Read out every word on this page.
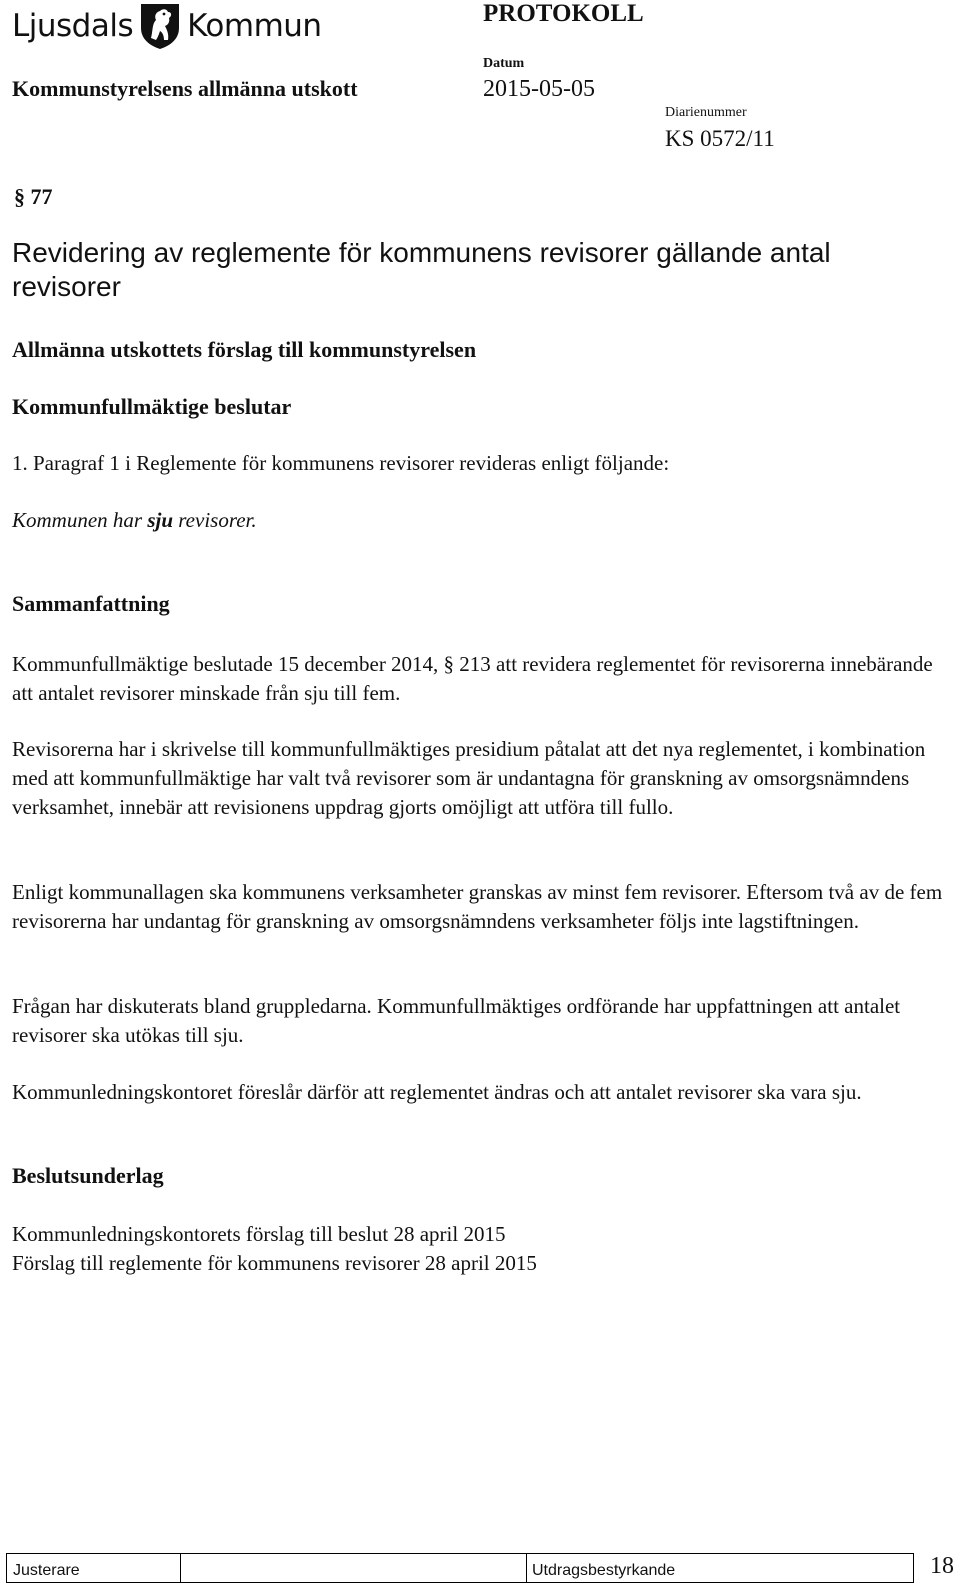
Ljusdals Kommun	PROTOKOLL
Kommunstyrelsens allmänna utskott
Datum
2015-05-05
Diarienummer
KS 0572/11
§ 77
Revidering av reglemente för kommunens revisorer gällande antal revisorer
Allmänna utskottets förslag till kommunstyrelsen
Kommunfullmäktige beslutar
1. Paragraf 1 i Reglemente för kommunens revisorer revideras enligt följande:
Kommunen har sju revisorer.
Sammanfattning
Kommunfullmäktige beslutade 15 december 2014, § 213 att revidera reglementet för revisorerna innebärande att antalet revisorer minskade från sju till fem.
Revisorerna har i skrivelse till kommunfullmäktiges presidium påtalat att det nya reglementet, i kombination med att kommunfullmäktige har valt två revisorer som är undantagna för granskning av omsorgsnämndens verksamhet, innebär att revisionens uppdrag gjorts omöjligt att utföra till fullo.
Enligt kommunallagen ska kommunens verksamheter granskas av minst fem revisorer. Eftersom två av de fem revisorerna har undantag för granskning av omsorgsnämndens verksamheter följs inte lagstiftningen.
Frågan har diskuterats bland gruppledarna. Kommunfullmäktiges ordförande har uppfattningen att antalet revisorer ska utökas till sju.
Kommunledningskontoret föreslår därför att reglementet ändras och att antalet revisorer ska vara sju.
Beslutsunderlag
Kommunledningskontorets förslag till beslut 28 april 2015
Förslag till reglemente för kommunens revisorer 28 april 2015
Justerare	Utdragsbestyrkande	18
